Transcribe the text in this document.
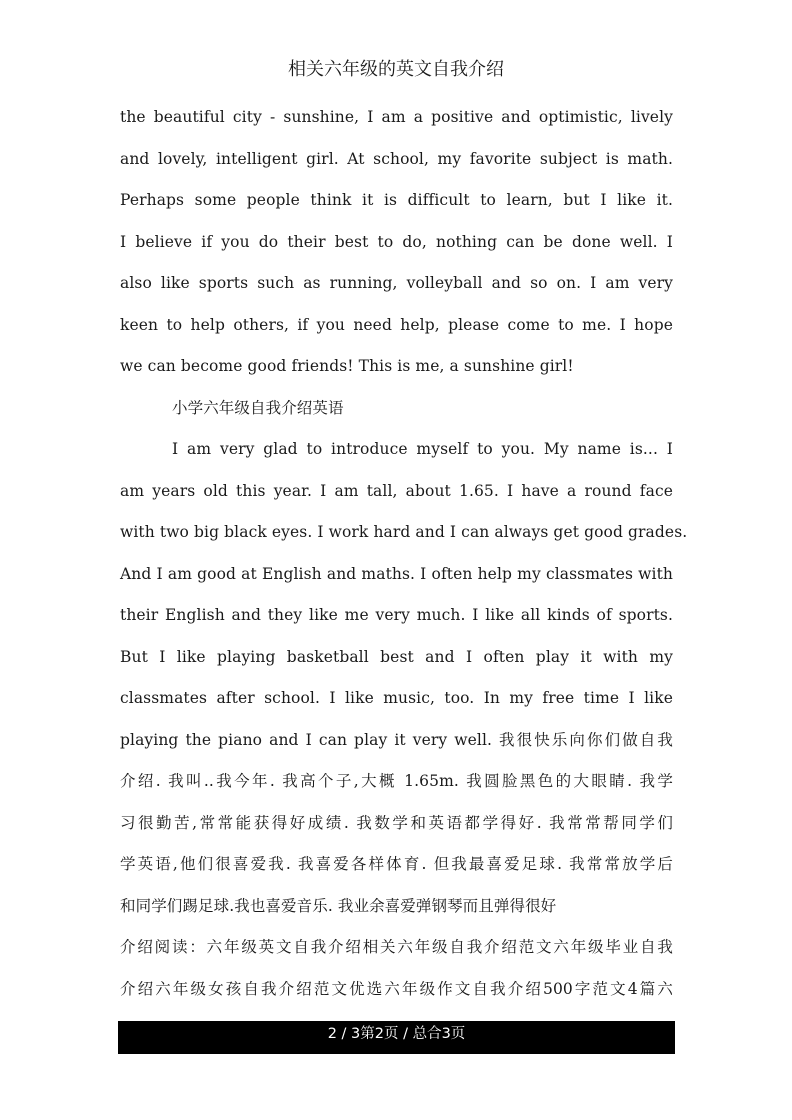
相关六年级的英文自我介绍
the beautiful city - sunshine, I am a positive and optimistic, lively
and lovely, intelligent girl. At school, my favorite subject is math.
Perhaps some people think it is difficult to learn, but I like it.
I believe if you do their best to do, nothing can be done well. I
also like sports such as running, volleyball and so on. I am very
keen to help others, if you need help, please come to me. I hope
we can become good friends! This is me, a sunshine girl!
小学六年级自我介绍英语
I am very glad to introduce myself to you. My name is... I
am years old this year. I am tall, about 1.65. I have a round face
with two big black eyes. I work hard and I can always get good grades.
And I am good at English and maths. I often help my classmates with
their English and they like me very much. I like all kinds of sports.
But I like playing basketball best and I often play it with my
classmates after school. I like music, too. In my free time I like
playing the piano and I can play it very well. 我很快乐向你们做自我
介绍. 我叫..我今年. 我高个子,大概 1.65m. 我圆脸黑色的大眼睛. 我学
习很勤苦,常常能获得好成绩. 我数学和英语都学得好. 我常常帮同学们
学英语,他们很喜爱我. 我喜爱各样体育. 但我最喜爱足球. 我常常放学后
和同学们踢足球.我也喜爱音乐. 我业余喜爱弹钢琴而且弹得很好
介绍阅读：六年级英文自我介绍相关六年级自我介绍范文六年级毕业自我
介绍六年级女孩自我介绍范文优选六年级作文自我介绍500字范文4篇六
2 / 3第2页 / 总合3页
